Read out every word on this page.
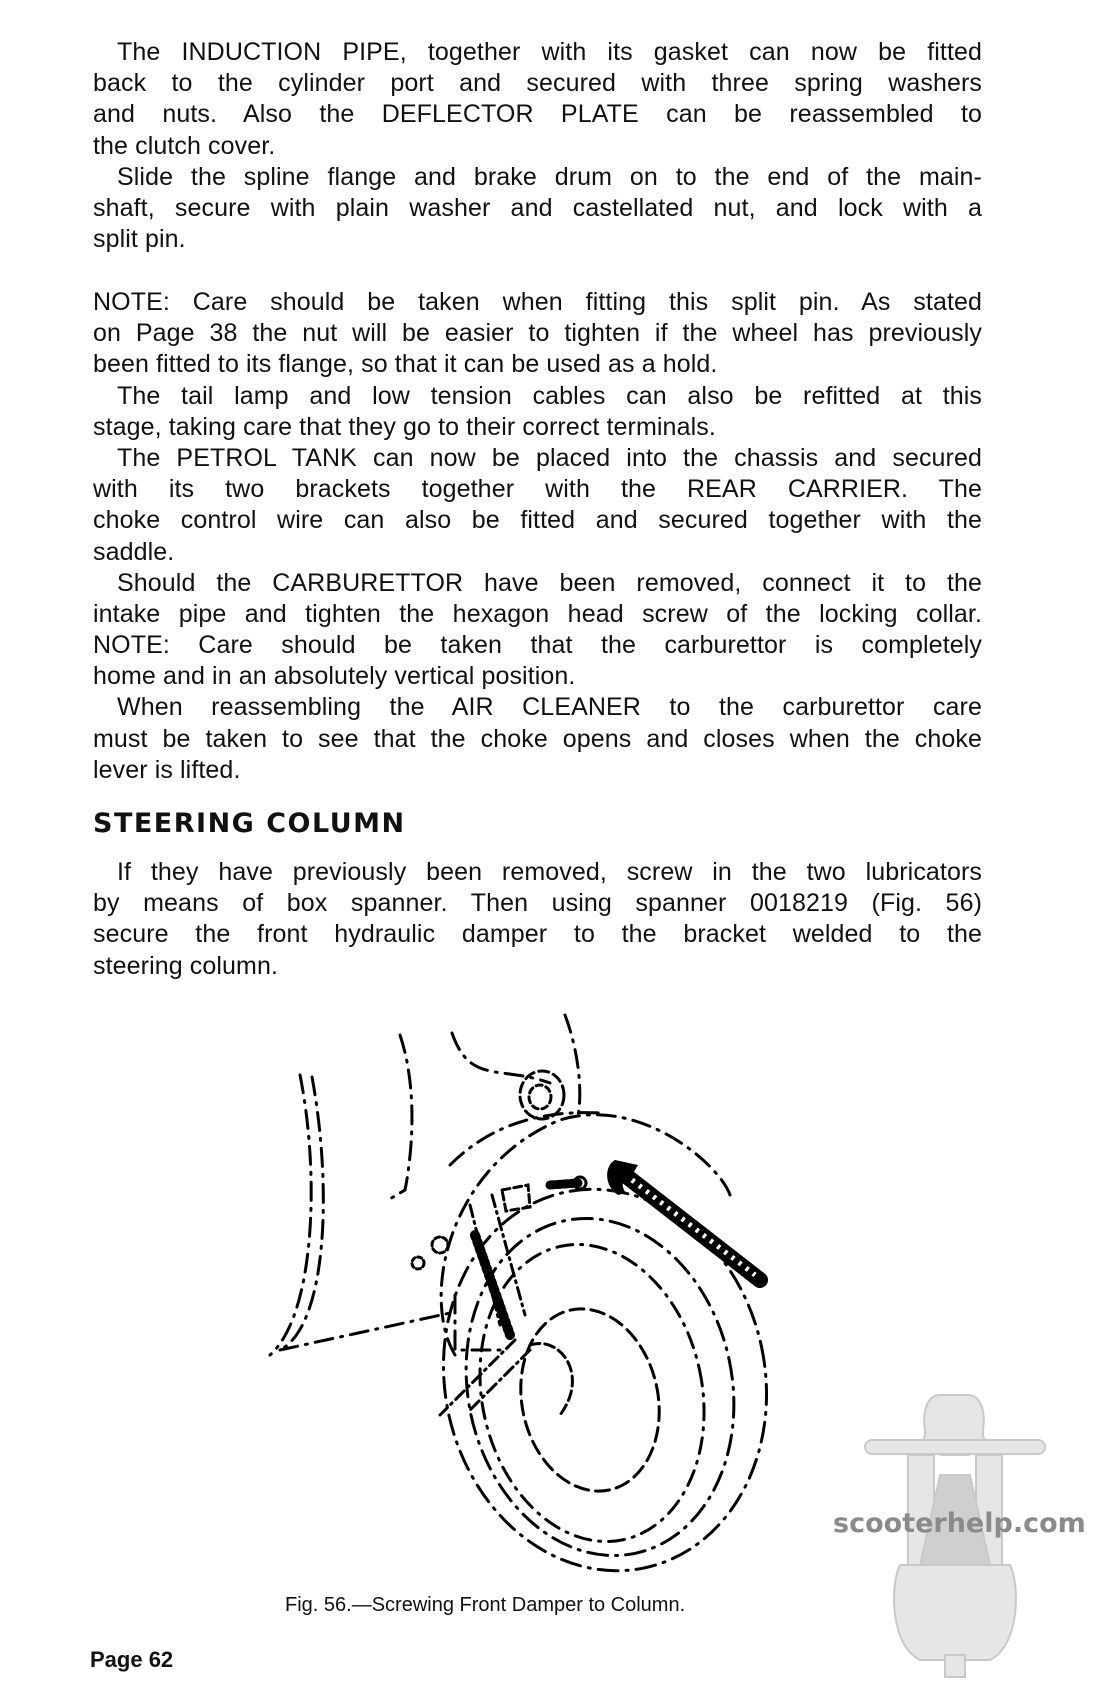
The INDUCTION PIPE, together with its gasket can now be fitted
back to the cylinder port and secured with three spring washers
and nuts. Also the DEFLECTOR PLATE can be reassembled to
the clutch cover.
Slide the spline flange and brake drum on to the end of the main-
shaft, secure with plain washer and castellated nut, and lock with a
split pin.
NOTE: Care should be taken when fitting this split pin. As stated
on Page 38 the nut will be easier to tighten if the wheel has previously
been fitted to its flange, so that it can be used as a hold.
The tail lamp and low tension cables can also be refitted at this
stage, taking care that they go to their correct terminals.
The PETROL TANK can now be placed into the chassis and secured
with its two brackets together with the REAR CARRIER. The
choke control wire can also be fitted and secured together with the
saddle.
Should the CARBURETTOR have been removed, connect it to the
intake pipe and tighten the hexagon head screw of the locking collar.
NOTE: Care should be taken that the carburettor is completely
home and in an absolutely vertical position.
When reassembling the AIR CLEANER to the carburettor care
must be taken to see that the choke opens and closes when the choke
lever is lifted.
STEERING COLUMN
If they have previously been removed, screw in the two lubricators
by means of box spanner. Then using spanner 0018219 (Fig. 56)
secure the front hydraulic damper to the bracket welded to the
steering column.
Fig. 56.—Screwing Front Damper to Column.
Page 62
scooterhelp.com
